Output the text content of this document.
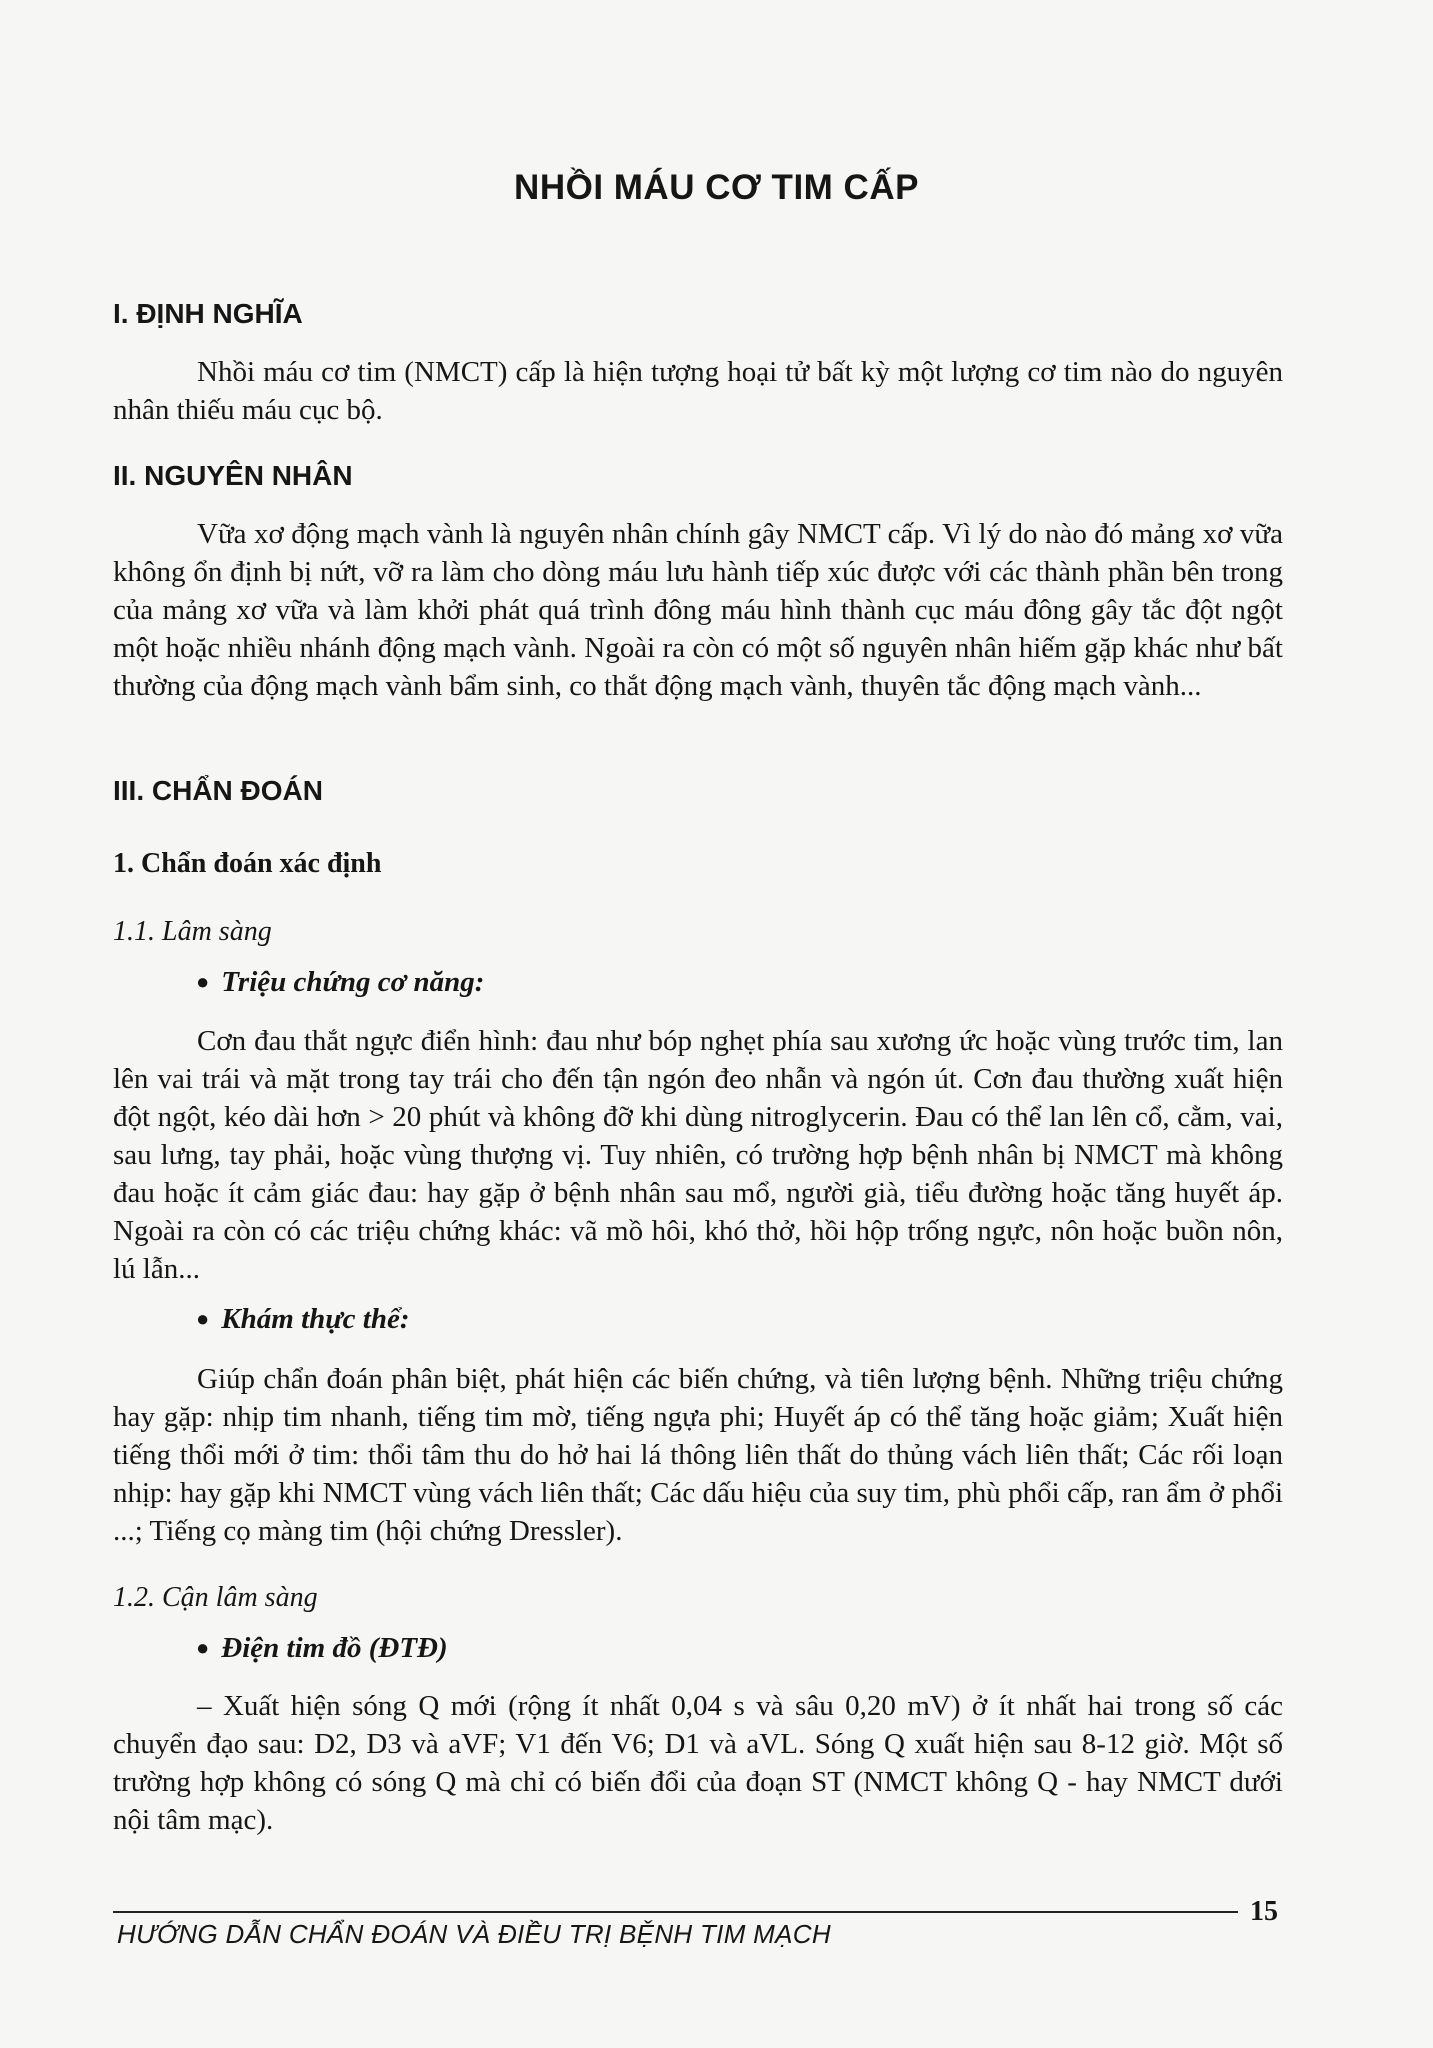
NHỒI MÁU CƠ TIM CẤP
I. ĐỊNH NGHĨA

Nhồi máu cơ tim (NMCT) cấp là hiện tượng hoại tử bất kỳ một lượng cơ tim nào do nguyên nhân thiếu máu cục bộ.

II. NGUYÊN NHÂN

Vữa xơ động mạch vành là nguyên nhân chính gây NMCT cấp. Vì lý do nào đó mảng xơ vữa không ổn định bị nứt, vỡ ra làm cho dòng máu lưu hành tiếp xúc được với các thành phần bên trong của mảng xơ vữa và làm khởi phát quá trình đông máu hình thành cục máu đông gây tắc đột ngột một hoặc nhiều nhánh động mạch vành. Ngoài ra còn có một số nguyên nhân hiếm gặp khác như bất thường của động mạch vành bẩm sinh, co thắt động mạch vành, thuyên tắc động mạch vành...

III. CHẨN ĐOÁN
1. Chẩn đoán xác định
1.1. Lâm sàng
● Triệu chứng cơ năng:

Cơn đau thắt ngực điển hình: đau như bóp nghẹt phía sau xương ức hoặc vùng trước tim, lan lên vai trái và mặt trong tay trái cho đến tận ngón đeo nhẫn và ngón út. Cơn đau thường xuất hiện đột ngột, kéo dài hơn > 20 phút và không đỡ khi dùng nitroglycerin. Đau có thể lan lên cổ, cằm, vai, sau lưng, tay phải, hoặc vùng thượng vị. Tuy nhiên, có trường hợp bệnh nhân bị NMCT mà không đau hoặc ít cảm giác đau: hay gặp ở bệnh nhân sau mổ, người già, tiểu đường hoặc tăng huyết áp. Ngoài ra còn có các triệu chứng khác: vã mồ hôi, khó thở, hồi hộp trống ngực, nôn hoặc buồn nôn, lú lẫn...

● Khám thực thể:

Giúp chẩn đoán phân biệt, phát hiện các biến chứng, và tiên lượng bệnh. Những triệu chứng hay gặp: nhịp tim nhanh, tiếng tim mờ, tiếng ngựa phi; Huyết áp có thể tăng hoặc giảm; Xuất hiện tiếng thổi mới ở tim: thổi tâm thu do hở hai lá thông liên thất do thủng vách liên thất; Các rối loạn nhịp: hay gặp khi NMCT vùng vách liên thất; Các dấu hiệu của suy tim, phù phổi cấp, ran ẩm ở phổi ...; Tiếng cọ màng tim (hội chứng Dressler).

1.2. Cận lâm sàng
● Điện tim đồ (ĐTĐ)

– Xuất hiện sóng Q mới (rộng ít nhất 0,04 s và sâu 0,20 mV) ở ít nhất hai trong số các chuyển đạo sau: D2, D3 và aVF; V1 đến V6; D1 và aVL. Sóng Q xuất hiện sau 8-12 giờ. Một số trường hợp không có sóng Q mà chỉ có biến đổi của đoạn ST (NMCT không Q - hay NMCT dưới nội tâm mạc).

HƯỚNG DẪN CHẨN ĐOÁN VÀ ĐIỀU TRỊ BỆNH TIM MẠCH
15
